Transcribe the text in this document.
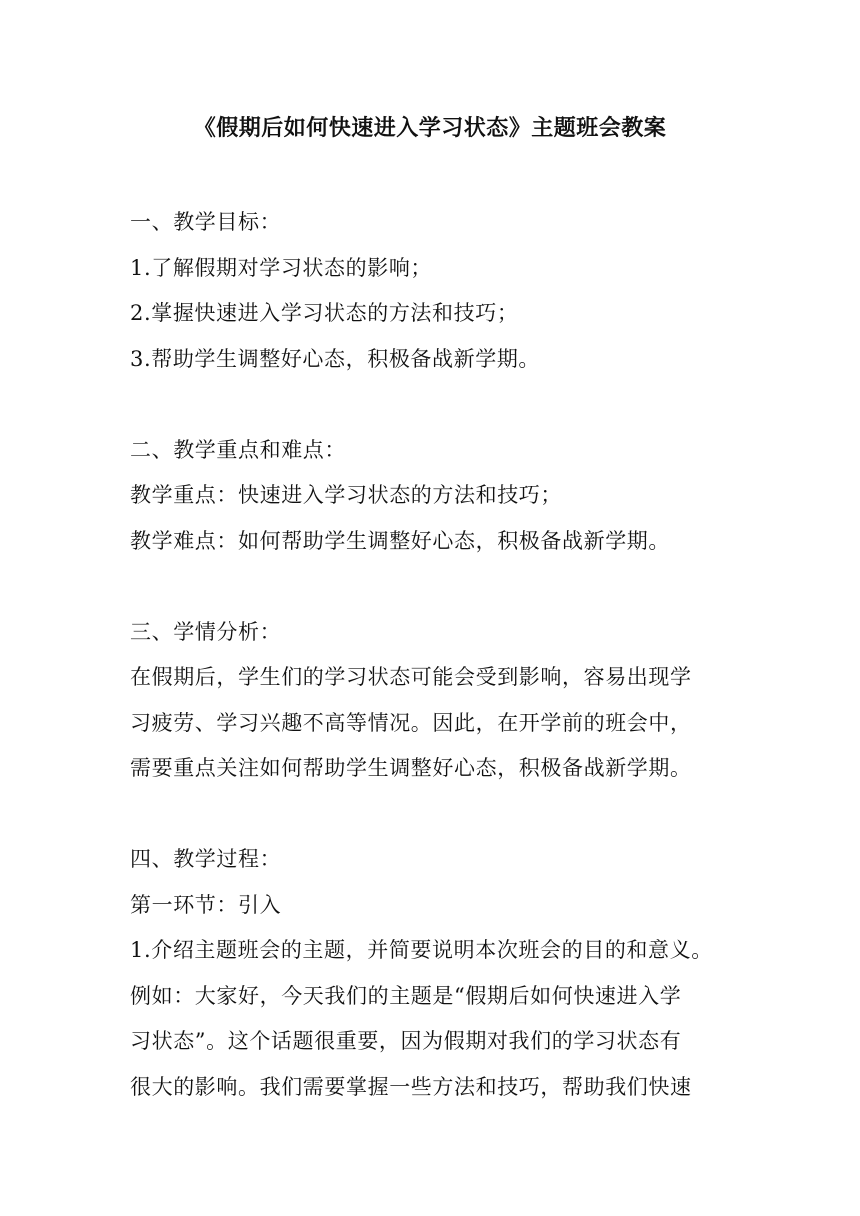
《假期后如何快速进入学习状态》主题班会教案
一、教学目标：
1.了解假期对学习状态的影响；
2.掌握快速进入学习状态的方法和技巧；
3.帮助学生调整好心态，积极备战新学期。
二、教学重点和难点：
教学重点：快速进入学习状态的方法和技巧；
教学难点：如何帮助学生调整好心态，积极备战新学期。
三、学情分析：
在假期后，学生们的学习状态可能会受到影响，容易出现学
习疲劳、学习兴趣不高等情况。因此，在开学前的班会中，
需要重点关注如何帮助学生调整好心态，积极备战新学期。
四、教学过程：
第一环节：引入
1.介绍主题班会的主题，并简要说明本次班会的目的和意义。
例如：大家好，今天我们的主题是“假期后如何快速进入学
习状态”。这个话题很重要，因为假期对我们的学习状态有
很大的影响。我们需要掌握一些方法和技巧，帮助我们快速
